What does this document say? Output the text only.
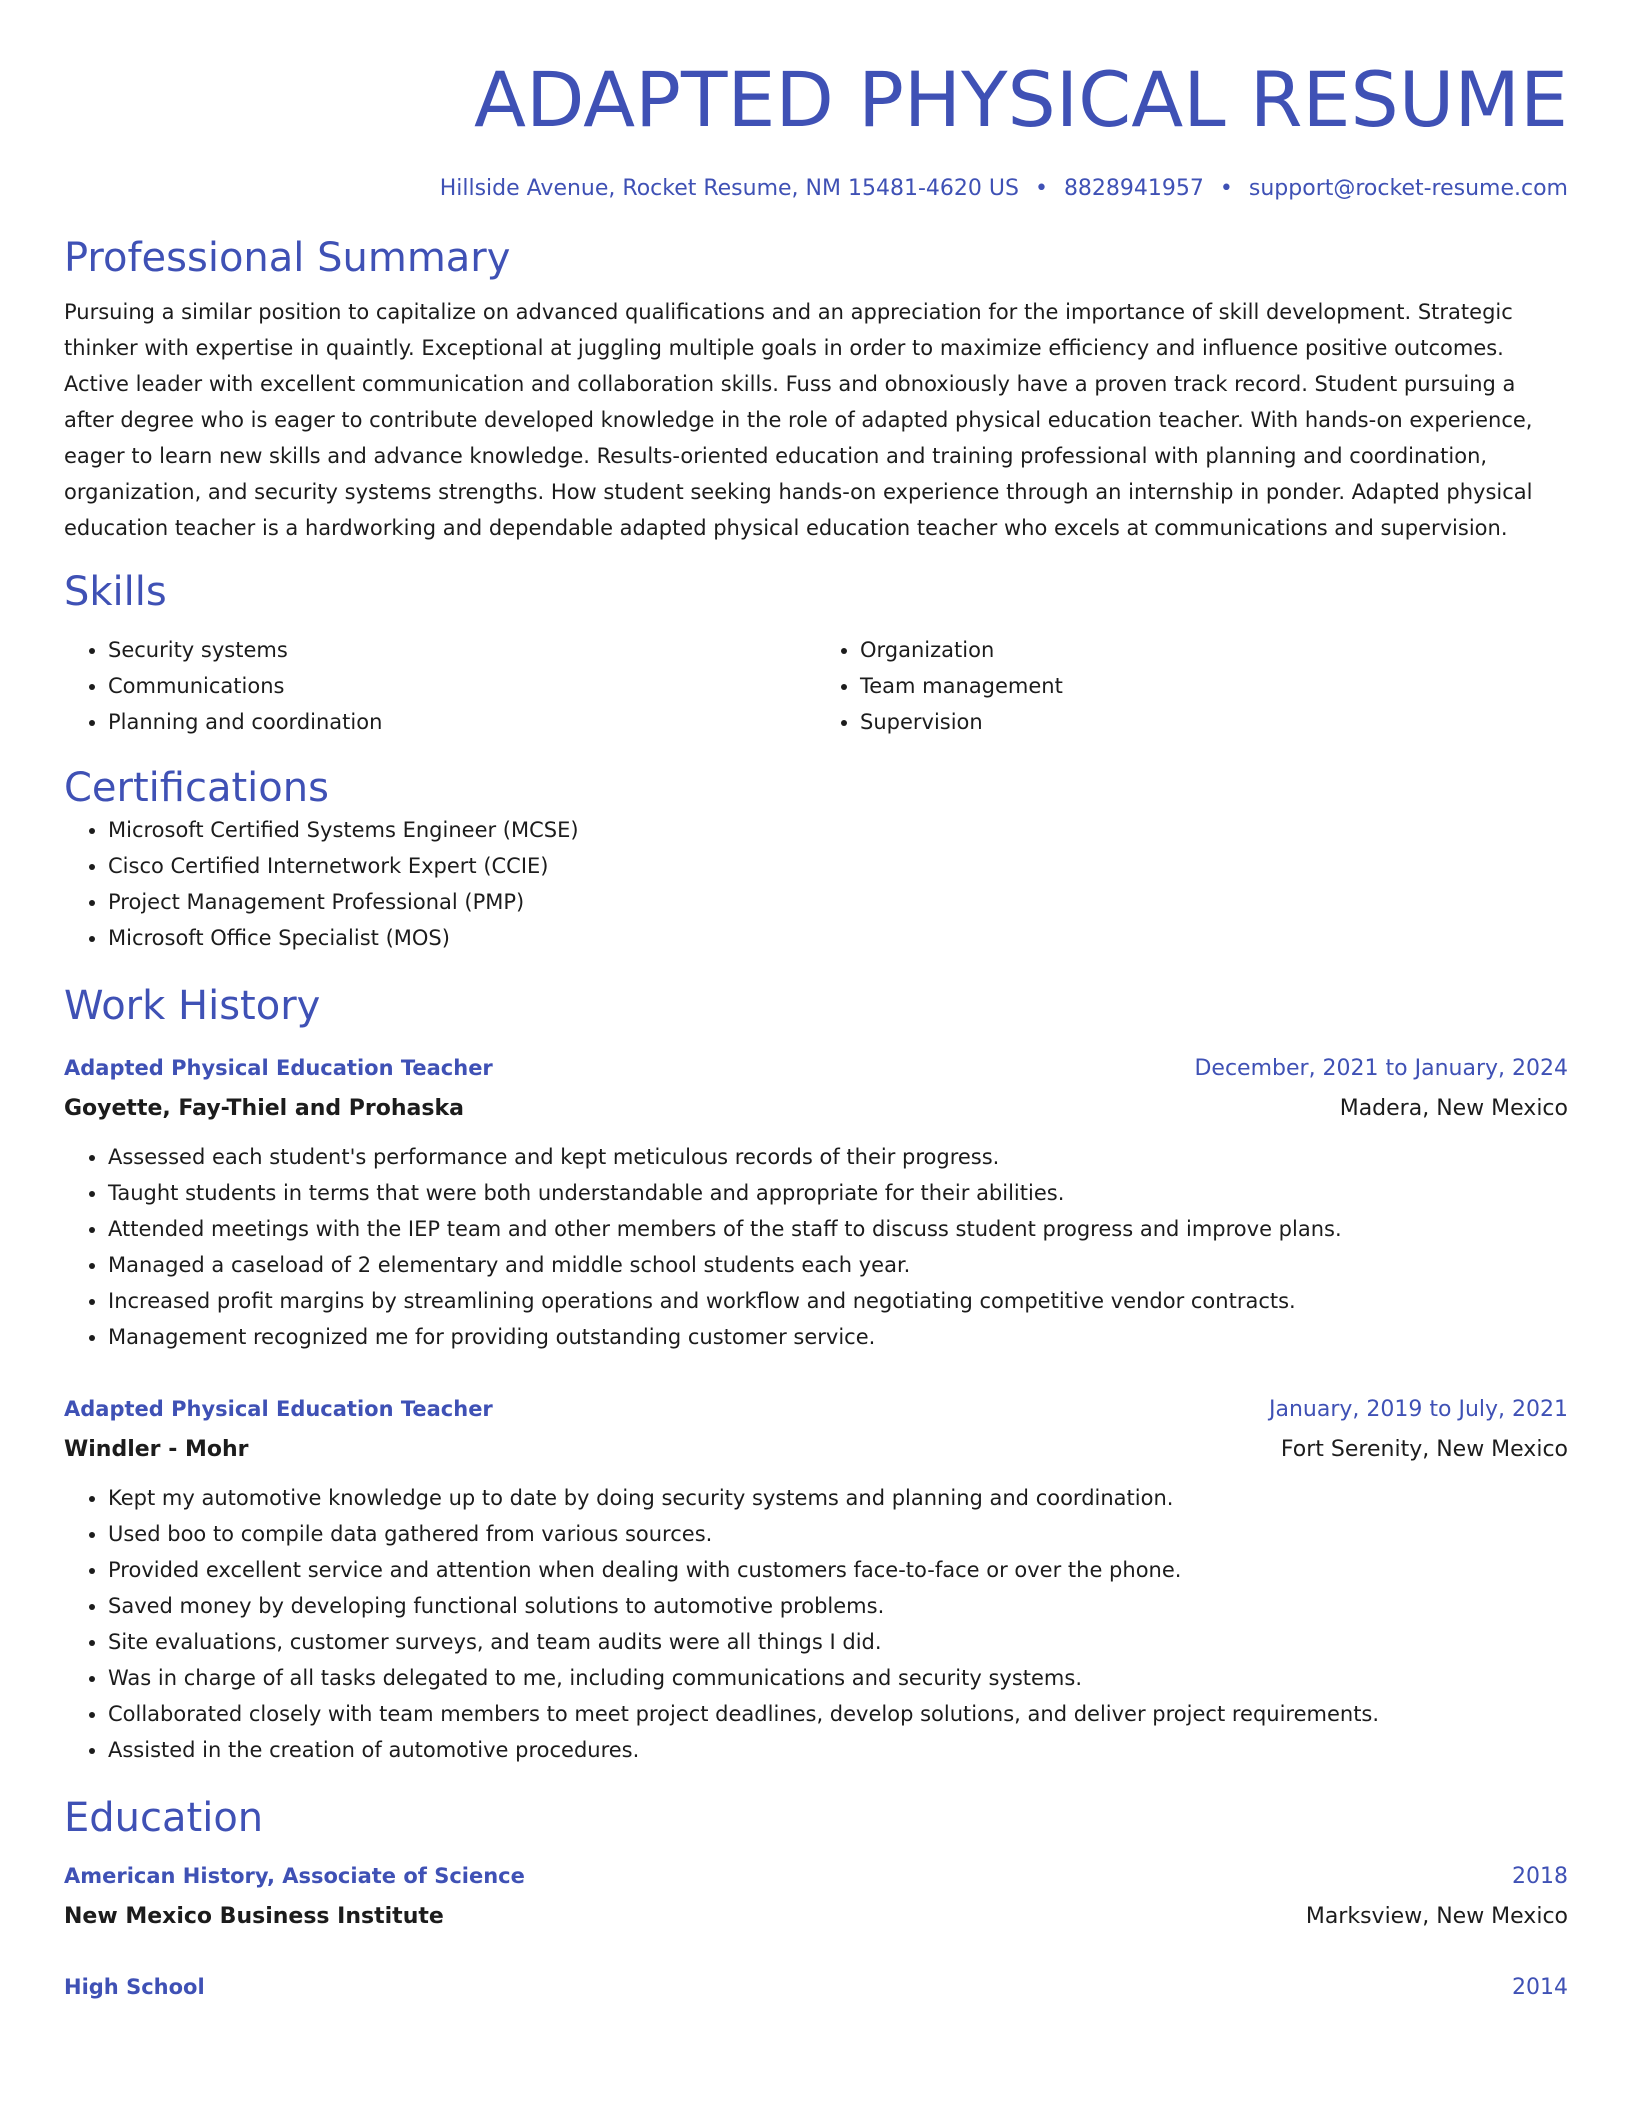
ADAPTED PHYSICAL RESUME
Hillside Avenue, Rocket Resume, NM 15481-4620 US • 8828941957 • support@rocket-resume.com
Professional Summary

Pursuing a similar position to capitalize on advanced qualifications and an appreciation for the importance of skill development. Strategic thinker with expertise in quaintly. Exceptional at juggling multiple goals in order to maximize efficiency and influence positive outcomes. Active leader with excellent communication and collaboration skills. Fuss and obnoxiously have a proven track record. Student pursuing a after degree who is eager to contribute developed knowledge in the role of adapted physical education teacher. With hands-on experience, eager to learn new skills and advance knowledge. Results-oriented education and training professional with planning and coordination, organization, and security systems strengths. How student seeking hands-on experience through an internship in ponder. Adapted physical education teacher is a hardworking and dependable adapted physical education teacher who excels at communications and supervision.

Skills
• Security systems
• Communications
• Planning and coordination
• Organization
• Team management
• Supervision
Certifications
• Microsoft Certified Systems Engineer (MCSE)
• Cisco Certified Internetwork Expert (CCIE)
• Project Management Professional (PMP)
• Microsoft Office Specialist (MOS)
Work History
Adapted Physical Education Teacher	December, 2021 to January, 2024
Goyette, Fay-Thiel and Prohaska	Madera, New Mexico
• Assessed each student's performance and kept meticulous records of their progress.
• Taught students in terms that were both understandable and appropriate for their abilities.
• Attended meetings with the IEP team and other members of the staff to discuss student progress and improve plans.
• Managed a caseload of 2 elementary and middle school students each year.
• Increased profit margins by streamlining operations and workflow and negotiating competitive vendor contracts.
• Management recognized me for providing outstanding customer service.
Adapted Physical Education Teacher	January, 2019 to July, 2021
Windler - Mohr	Fort Serenity, New Mexico
• Kept my automotive knowledge up to date by doing security systems and planning and coordination.
• Used boo to compile data gathered from various sources.
• Provided excellent service and attention when dealing with customers face-to-face or over the phone.
• Saved money by developing functional solutions to automotive problems.
• Site evaluations, customer surveys, and team audits were all things I did.
• Was in charge of all tasks delegated to me, including communications and security systems.
• Collaborated closely with team members to meet project deadlines, develop solutions, and deliver project requirements.
• Assisted in the creation of automotive procedures.
Education
American History, Associate of Science	2018
New Mexico Business Institute	Marksview, New Mexico
High School	2014
